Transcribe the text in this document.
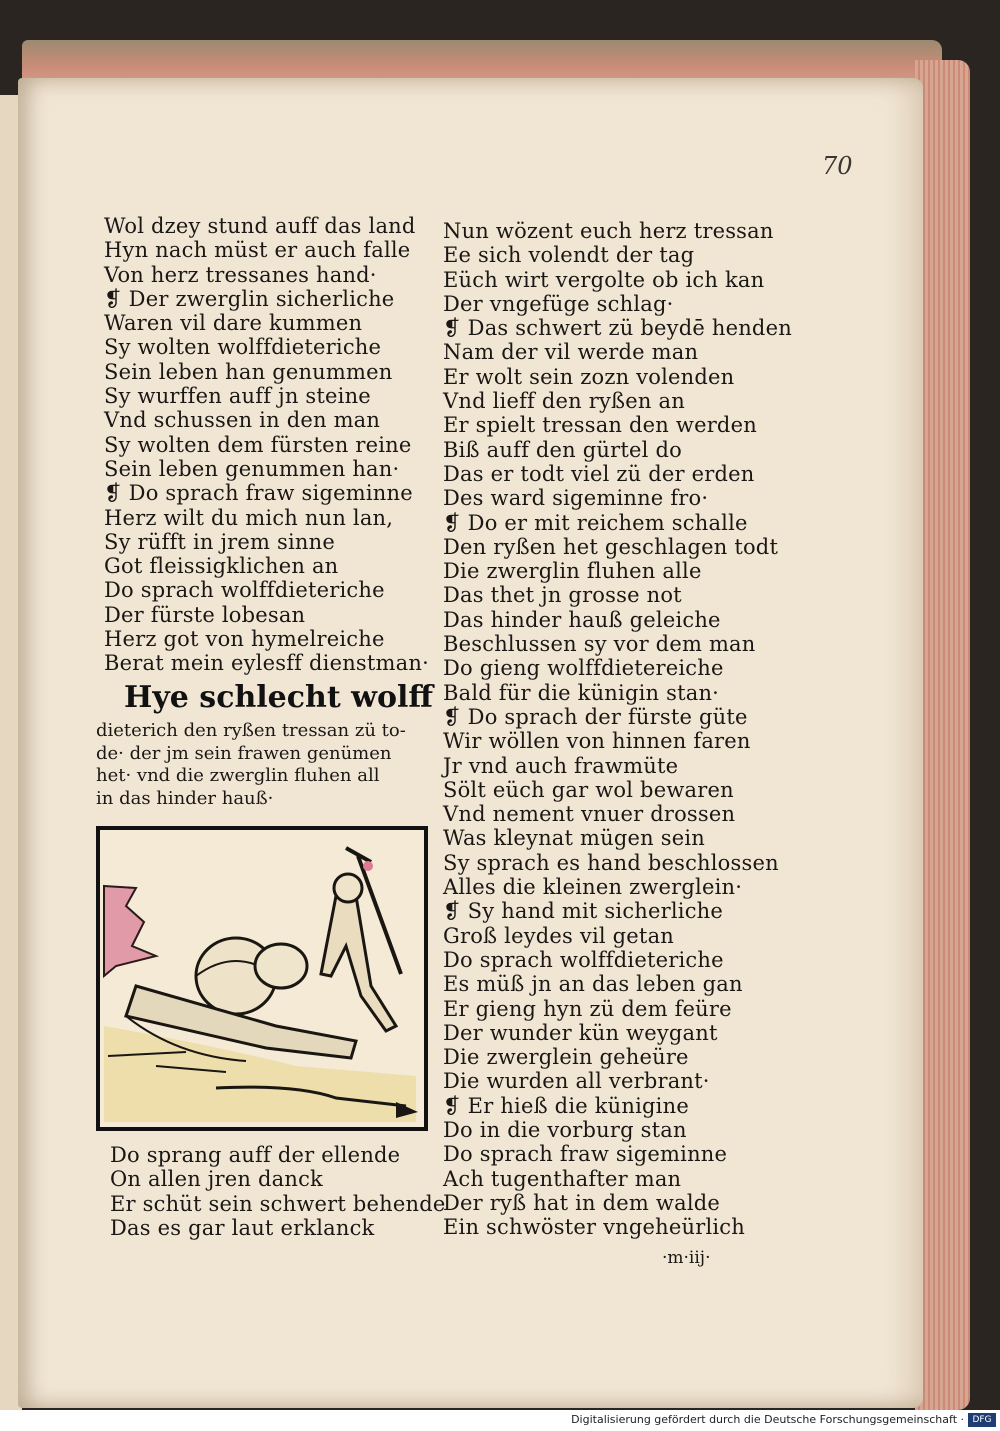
70
Wol dzey stund auff das land
Hyn nach müst er auch falle
Von herz tressanes hand·
❡ Der zwerglin sicherliche
Waren vil dare kummen
Sy wolten wolffdieteriche
Sein leben han genummen
Sy wurffen auff jn steine
Vnd schussen in den man
Sy wolten dem fürsten reine
Sein leben genummen han·
❡ Do sprach fraw sigeminne
Herz wilt du mich nun lan,
Sy rüfft in jrem sinne
Got fleissigklichen an
Do sprach wolffdieteriche
Der fürste lobesan
Herz got von hymelreiche
Berat mein eylesff dienstman·
Hye schlecht wolff
dieterich den ryßen tressan zü to-
de· der jm sein frawen genümen
het· vnd die zwerglin fluhen all
in das hinder hauß·
Do sprang auff der ellende
On allen jren danck
Er schüt sein schwert behende
Das es gar laut erklanck
Nun wözent euch herz tressan
Ee sich volendt der tag
Eüch wirt vergolte ob ich kan
Der vngefüge schlag·
❡ Das schwert zü beydē henden
Nam der vil werde man
Er wolt sein zozn volenden
Vnd lieff den ryßen an
Er spielt tressan den werden
Biß auff den gürtel do
Das er todt viel zü der erden
Des ward sigeminne fro·
❡ Do er mit reichem schalle
Den ryßen het geschlagen todt
Die zwerglin fluhen alle
Das thet jn grosse not
Das hinder hauß geleiche
Beschlussen sy vor dem man
Do gieng wolffdietereiche
Bald für die künigin stan·
❡ Do sprach der fürste güte
Wir wöllen von hinnen faren
Jr vnd auch frawmüte
Sölt eüch gar wol bewaren
Vnd nement vnuer drossen
Was kleynat mügen sein
Sy sprach es hand beschlossen
Alles die kleinen zwerglein·
❡ Sy hand mit sicherliche
Groß leydes vil getan
Do sprach wolffdieteriche
Es müß jn an das leben gan
Er gieng hyn zü dem feüre
Der wunder kün weygant
Die zwerglein geheüre
Die wurden all verbrant·
❡ Er hieß die künigine
Do in die vorburg stan
Do sprach fraw sigeminne
Ach tugenthafter man
Der ryß hat in dem walde
Ein schwöster vngeheürlich
·m·iij·
Digitalisierung gefördert durch die Deutsche Forschungsgemeinschaft · DFG
